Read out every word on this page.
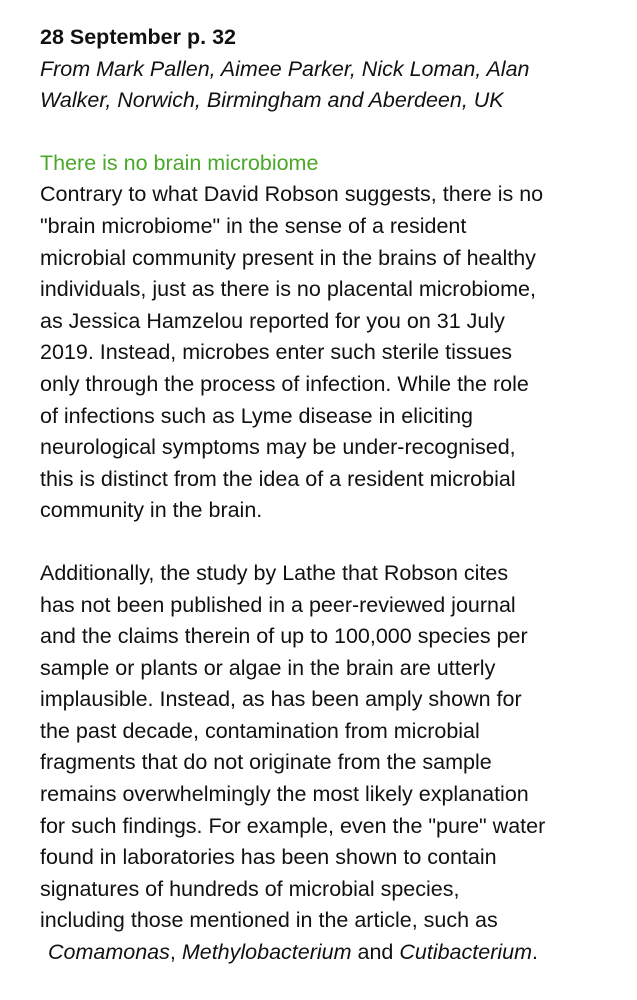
28 September p. 32

From Mark Pallen, Aimee Parker, Nick Loman, Alan
Walker, Norwich, Birmingham and Aberdeen, UK

There is no brain microbiome

Contrary to what David Robson suggests, there is no
"brain microbiome" in the sense of a resident
microbial community present in the brains of healthy
individuals, just as there is no placental microbiome,
as Jessica Hamzelou reported for you on 31 July
2019. Instead, microbes enter such sterile tissues
only through the process of infection. While the role
of infections such as Lyme disease in eliciting
neurological symptoms may be under-recognised,
this is distinct from the idea of a resident microbial
community in the brain.

Additionally, the study by Lathe that Robson cites
has not been published in a peer-reviewed journal
and the claims therein of up to 100,000 species per
sample or plants or algae in the brain are utterly
implausible. Instead, as has been amply shown for
the past decade, contamination from microbial
fragments that do not originate from the sample
remains overwhelmingly the most likely explanation
for such findings. For example, even the "pure" water
found in laboratories has been shown to contain
signatures of hundreds of microbial species,
including those mentioned in the article, such as
Comamonas, Methylobacterium and Cutibacterium.
